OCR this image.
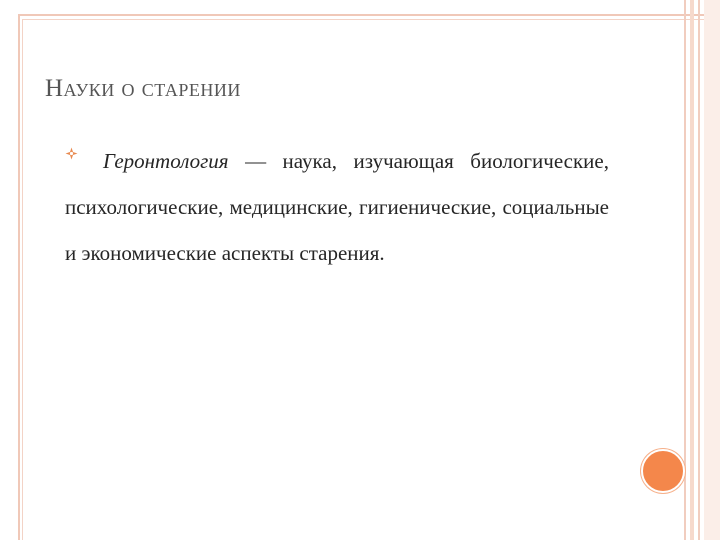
Науки о старении

Геронтология — наука, изучающая биологические, психологические, медицинские, гигиенические, социальные и экономические аспекты старения.
